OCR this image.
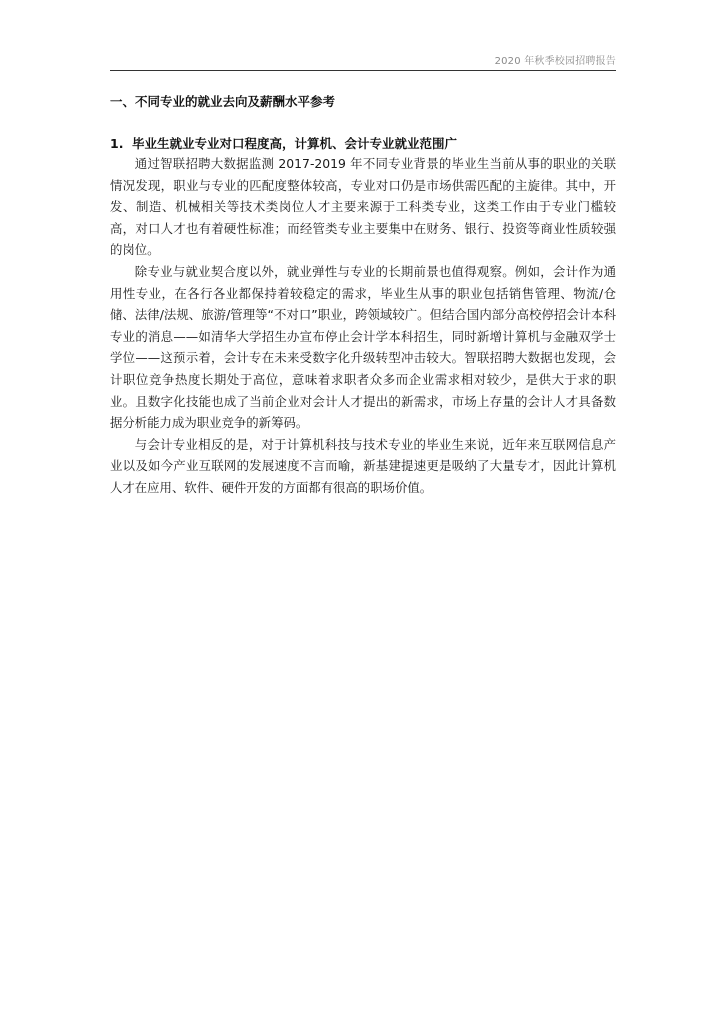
2020 年秋季校园招聘报告
一、不同专业的就业去向及薪酬水平参考
1. 毕业生就业专业对口程度高，计算机、会计专业就业范围广

通过智联招聘大数据监测 2017-2019 年不同专业背景的毕业生当前从事的职业的关联情况发现，职业与专业的匹配度整体较高，专业对口仍是市场供需匹配的主旋律。其中，开发、制造、机械相关等技术类岗位人才主要来源于工科类专业，这类工作由于专业门槛较高，对口人才也有着硬性标准；而经管类专业主要集中在财务、银行、投资等商业性质较强的岗位。

除专业与就业契合度以外，就业弹性与专业的长期前景也值得观察。例如，会计作为通用性专业，在各行各业都保持着较稳定的需求，毕业生从事的职业包括销售管理、物流/仓储、法律/法规、旅游/管理等“不对口”职业，跨领域较广。但结合国内部分高校停招会计本科专业的消息——如清华大学招生办宣布停止会计学本科招生，同时新增计算机与金融双学士学位——这预示着，会计专在未来受数字化升级转型冲击较大。智联招聘大数据也发现，会计职位竞争热度长期处于高位，意味着求职者众多而企业需求相对较少，是供大于求的职业。且数字化技能也成了当前企业对会计人才提出的新需求，市场上存量的会计人才具备数据分析能力成为职业竞争的新筹码。

与会计专业相反的是，对于计算机科技与技术专业的毕业生来说，近年来互联网信息产业以及如今产业互联网的发展速度不言而喻，新基建提速更是吸纳了大量专才，因此计算机人才在应用、软件、硬件开发的方面都有很高的职场价值。
